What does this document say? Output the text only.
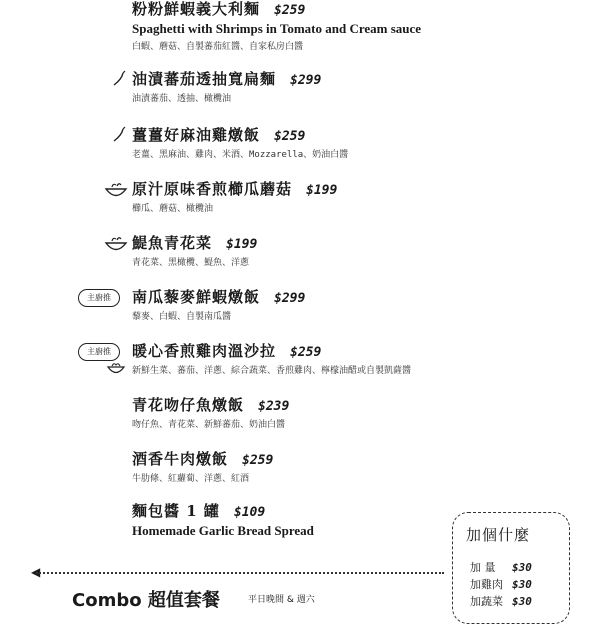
粉粉鮮蝦義大利麵 $259
Spaghetti with Shrimps in Tomato and Cream sauce
白蝦、蘑菇、自製蕃茄紅醬、自家私房白醬
油漬蕃茄透抽寬扁麵 $299
油漬蕃茄、透抽、橄欖油
薑薑好麻油雞燉飯 $259
老薑、黑麻油、雞肉、米酒、Mozzarella、奶油白醬
原汁原味香煎櫛瓜蘑菇 $199
櫛瓜、蘑菇、橄欖油
鯷魚青花菜 $199
青花菜、黑橄欖、鯷魚、洋蔥
主廚推	南瓜藜麥鮮蝦燉飯 $299
藜麥、白蝦、自製南瓜醬
主廚推	暖心香煎雞肉溫沙拉 $259
新鮮生菜、蕃茄、洋蔥、綜合蔬菜、香煎雞肉、檸檬油醋或自製凱薩醬
青花吻仔魚燉飯 $239
吻仔魚、青花菜、新鮮蕃茄、奶油白醬
酒香牛肉燉飯 $259
牛肋條、紅蘿蔔、洋蔥、紅酒
麵包醬 1 罐 $109
Homemade Garlic Bread Spread	加個什麼
加 量 $30
加雞肉 $30
加蔬菜 $30
◀
Combo 超值套餐	平日晚間 & 週六
